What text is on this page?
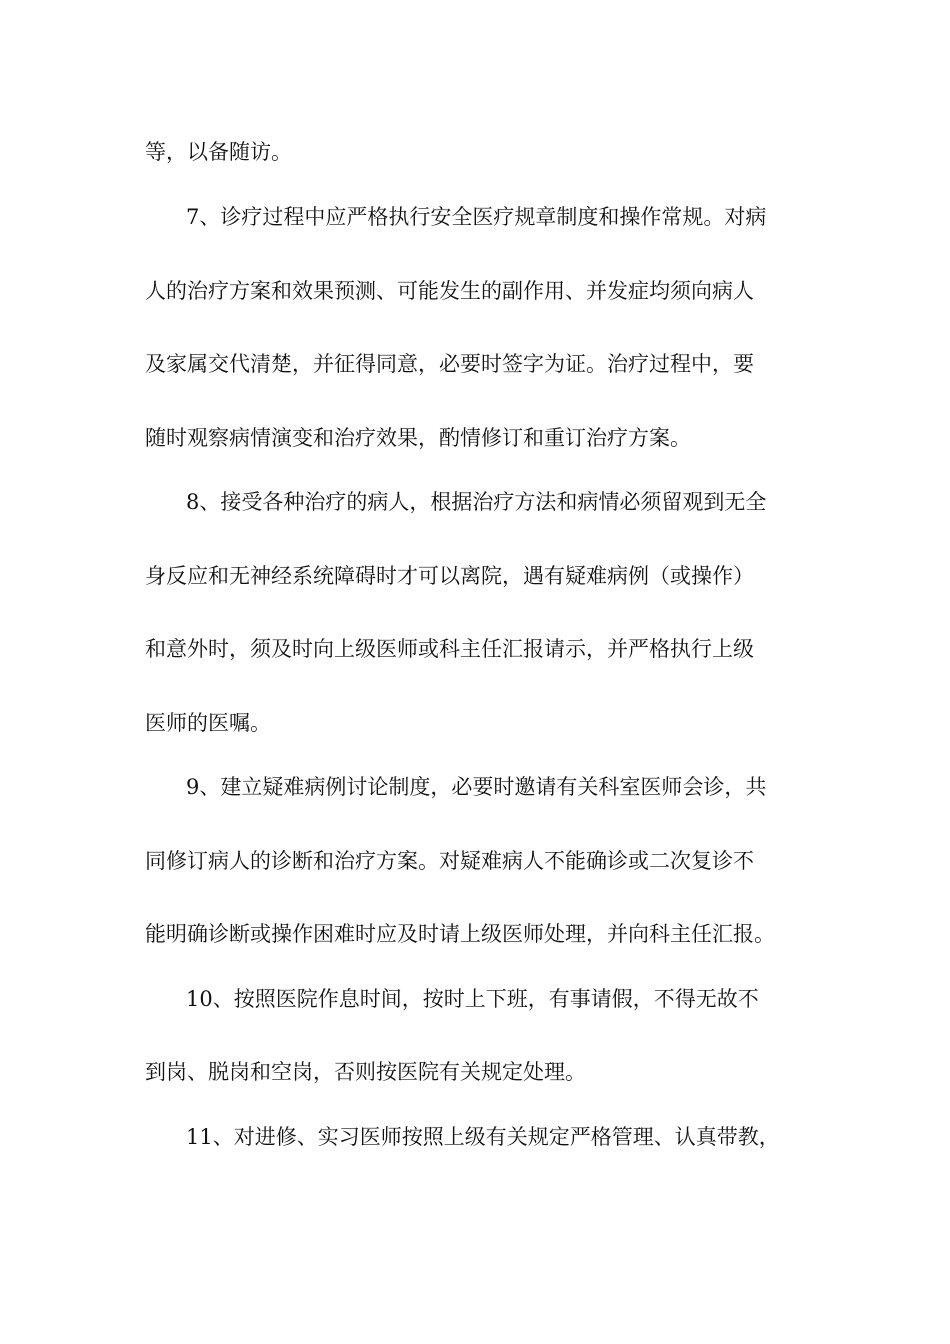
等，以备随访。
7、诊疗过程中应严格执行安全医疗规章制度和操作常规。对病
人的治疗方案和效果预测、可能发生的副作用、并发症均须向病人
及家属交代清楚，并征得同意，必要时签字为证。治疗过程中，要
随时观察病情演变和治疗效果，酌情修订和重订治疗方案。
8、接受各种治疗的病人，根据治疗方法和病情必须留观到无全
身反应和无神经系统障碍时才可以离院，遇有疑难病例（或操作）
和意外时，须及时向上级医师或科主任汇报请示，并严格执行上级
医师的医嘱。
9、建立疑难病例讨论制度，必要时邀请有关科室医师会诊，共
同修订病人的诊断和治疗方案。对疑难病人不能确诊或二次复诊不
能明确诊断或操作困难时应及时请上级医师处理，并向科主任汇报。
10、按照医院作息时间，按时上下班，有事请假，不得无故不
到岗、脱岗和空岗，否则按医院有关规定处理。
11、对进修、实习医师按照上级有关规定严格管理、认真带教，
